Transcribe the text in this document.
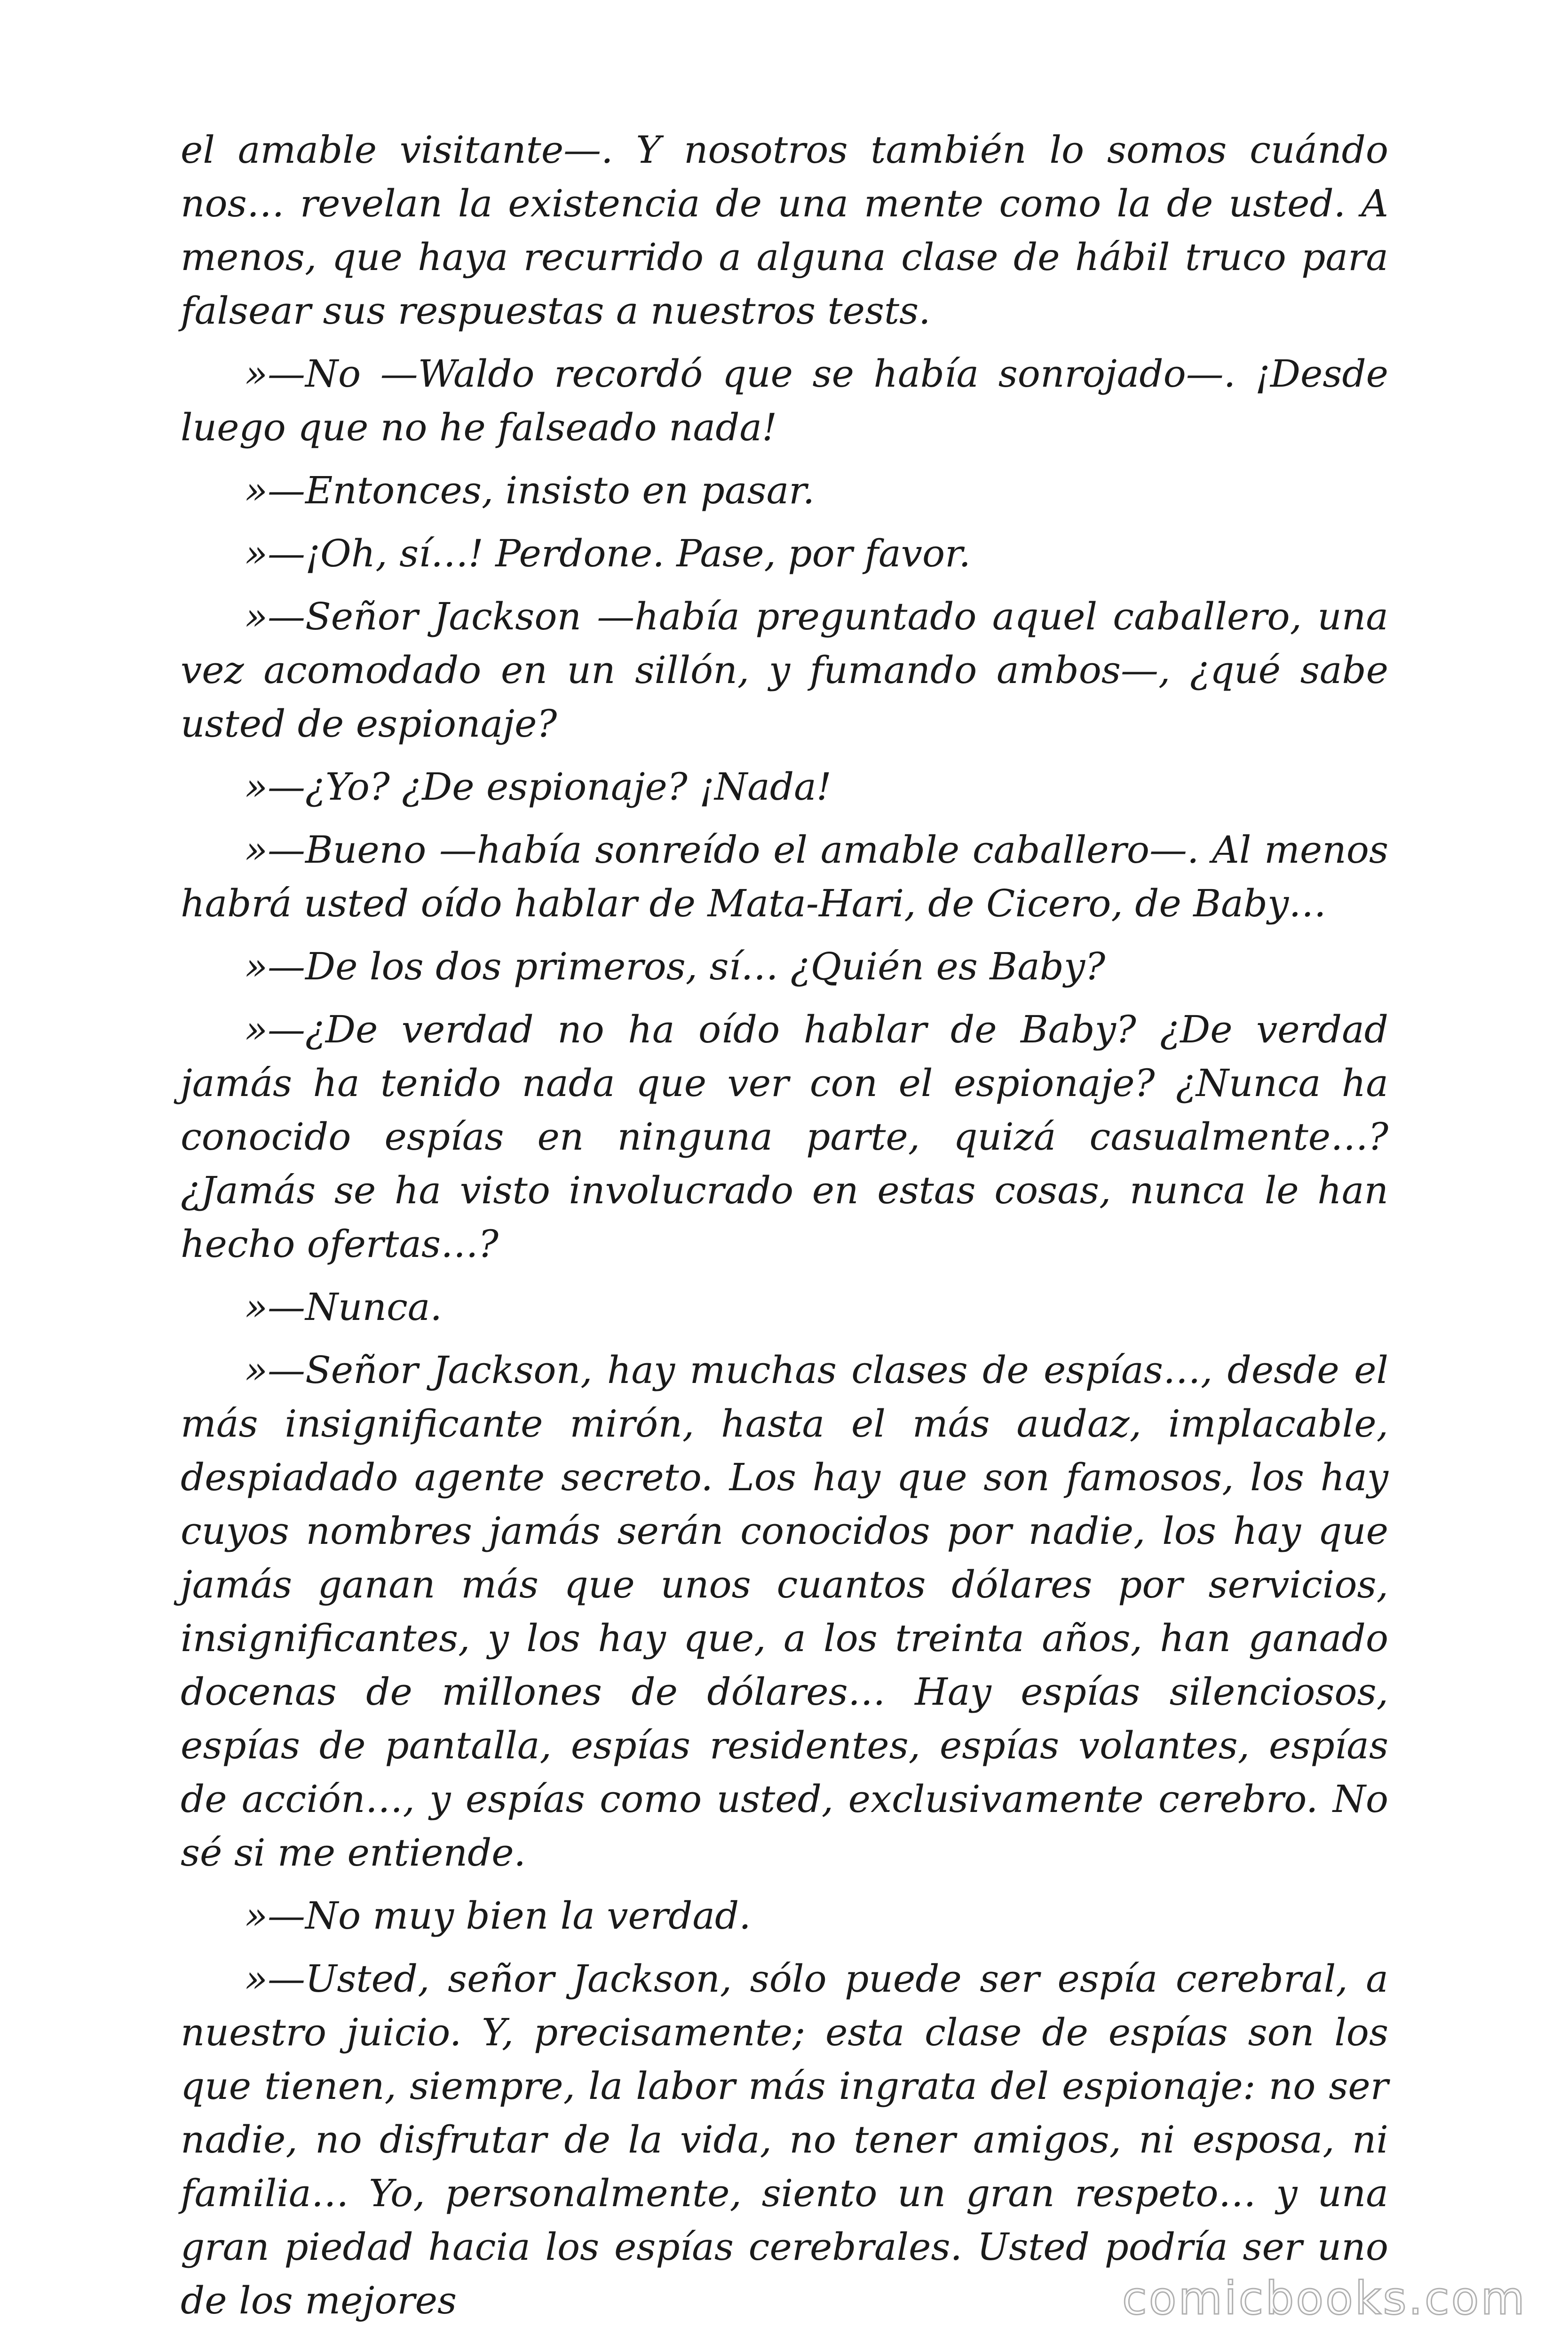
el amable visitante—. Y nosotros también lo somos cuándo nos… revelan la existencia de una mente como la de usted. A menos, que haya recurrido a alguna clase de hábil truco para falsear sus respuestas a nuestros tests.

»—No —Waldo recordó que se había sonrojado—. ¡Desde luego que no he falseado nada!

»—Entonces, insisto en pasar.

»—¡Oh, sí…! Perdone. Pase, por favor.

»—Señor Jackson —había preguntado aquel caballero, una vez acomodado en un sillón, y fumando ambos—, ¿qué sabe usted de espionaje?

»—¿Yo? ¿De espionaje? ¡Nada!

»—Bueno —había sonreído el amable caballero—. Al menos habrá usted oído hablar de Mata-Hari, de Cicero, de Baby…

»—De los dos primeros, sí… ¿Quién es Baby?

»—¿De verdad no ha oído hablar de Baby? ¿De verdad jamás ha tenido nada que ver con el espionaje? ¿Nunca ha conocido espías en ninguna parte, quizá casualmente…? ¿Jamás se ha visto involucrado en estas cosas, nunca le han hecho ofertas…?

»—Nunca.

»—Señor Jackson, hay muchas clases de espías…, desde el más insignificante mirón, hasta el más audaz, implacable, despiadado agente secreto. Los hay que son famosos, los hay cuyos nombres jamás serán conocidos por nadie, los hay que jamás ganan más que unos cuantos dólares por servicios, insignificantes, y los hay que, a los treinta años, han ganado docenas de millones de dólares… Hay espías silenciosos, espías de pantalla, espías residentes, espías volantes, espías de acción…, y espías como usted, exclusivamente cerebro. No sé si me entiende.

»—No muy bien la verdad.

»—Usted, señor Jackson, sólo puede ser espía cerebral, a nuestro juicio. Y, precisamente; esta clase de espías son los que tienen, siempre, la labor más ingrata del espionaje: no ser nadie, no disfrutar de la vida, no tener amigos, ni esposa, ni familia… Yo, personalmente, siento un gran respeto… y una gran piedad hacia los espías cerebrales. Usted podría ser uno de los mejores	comicbooks.com
